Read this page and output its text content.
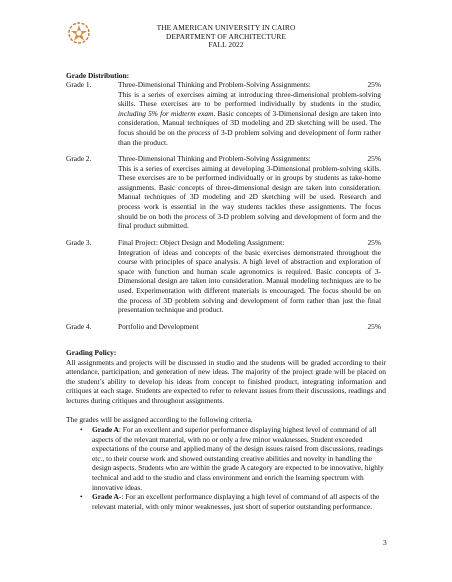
THE AMERICAN UNIVERSITY IN CAIRO
DEPARTMENT OF ARCHITECTURE
FALL 2022

Grade Distribution:

Grade 1.	Three-Dimensional Thinking and Problem-Solving Assignments:	25%

This is a series of exercises aiming at introducing three-dimensional problem-solving skills. These exercises are to be performed individually by students in the studio, including 5% for midterm exam. Basic concepts of 3-Dimensional design are taken into consideration. Manual techniques of 3D modeling and 2D sketching will be used. The focus should be on the process of 3-D problem solving and development of form rather than the product.

Grade 2.	Three-Dimensional Thinking and Problem-Solving Assignments:	25%

This is a series of exercises aiming at developing 3-Dimensional problem-solving skills. These exercises are to be performed individually or in groups by students as take-home assignments. Basic concepts of three-dimensional design are taken into consideration. Manual techniques of 3D modeling and 2D sketching will be used. Research and process work is essential in the way students tackles these assignments. The focus should be on both the process of 3-D problem solving and development of form and the final product submitted.

Grade 3.	Final Project: Object Design and Modeling Assignment:	25%

Integration of ideas and concepts of the basic exercises demonstrated throughout the course with principles of space analysis. A high level of abstraction and exploration of space with function and human scale agronomics is required. Basic concepts of 3-Dimensional design are taken into consideration. Manual modeling techniques are to be used. Experimentation with different materials is encouraged. The focus should be on the process of 3D problem solving and development of form rather than just the final presentation technique and product.

Grade 4.	Portfolio and Development	25%

Grading Policy:

All assignments and projects will be discussed in studio and the students will be graded according to their attendance, participation, and generation of new ideas. The majority of the project grade will be placed on the student’s ability to develop his ideas from concept to finished product, integrating information and critiques at each stage. Students are expected to refer to relevant issues from their discussions, readings and lectures during critiques and throughout assignments.

The grades will be assigned according to the following criteria.

• Grade A: For an excellent and superior performance displaying highest level of command of all aspects of the relevant material, with no or only a few minor weaknesses. Student exceeded expectations of the course and applied many of the design issues raised from discussions, readings etc., to their course work and showed outstanding creative abilities and novelty in handling the design aspects. Students who are within the grade A category are expected to be innovative, highly technical and add to the studio and class environment and enrich the learning spectrum with innovative ideas.
• Grade A-: For an excellent performance displaying a high level of command of all aspects of the relevant material, with only minor weaknesses, just short of superior outstanding performance.
3
